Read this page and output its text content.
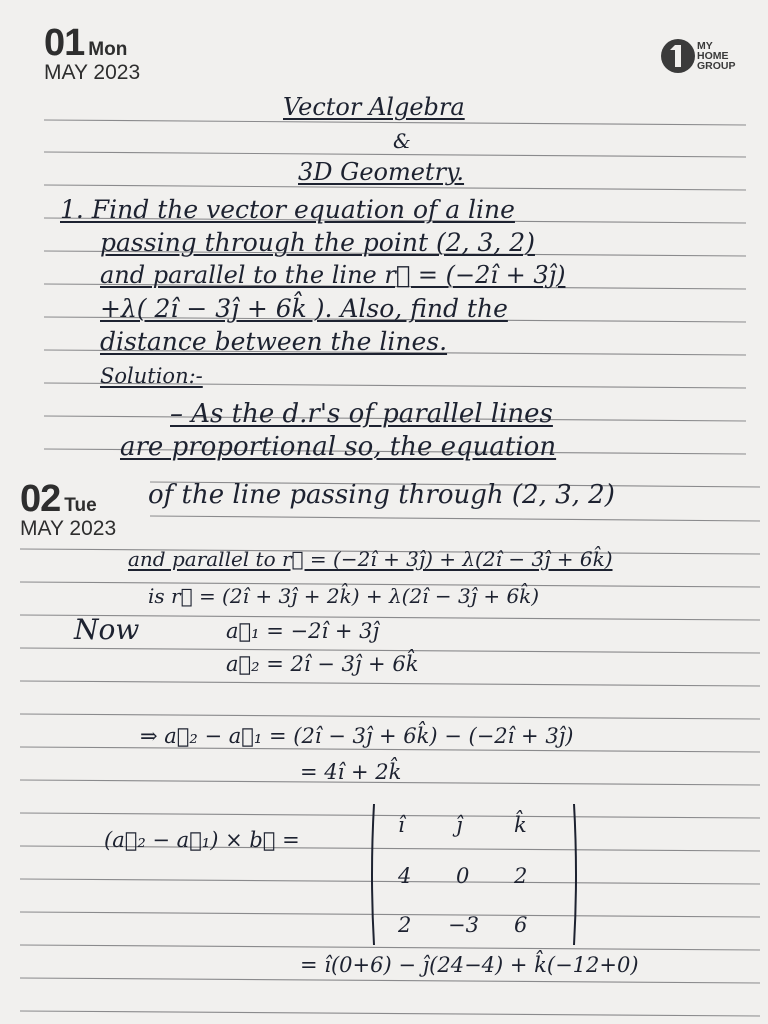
01 Mon
MAY 2023
MY
HOME
GROUP
Vector Algebra
&
3D Geometry.
1. Find the vector equation of a line
passing through the point (2, 3, 2)
and parallel to the line r⃗ = (−2î + 3ĵ)
+λ( 2î − 3ĵ + 6k̂ ). Also, find the
distance between the lines.
Solution:-
– As the d.r's of parallel lines
are proportional so, the equation
02 Tue
MAY 2023
of the line passing through (2, 3, 2)
and parallel to r⃗ = (−2î + 3ĵ) + λ(2î − 3ĵ + 6k̂)
is r⃗ = (2î + 3ĵ + 2k̂) + λ(2î − 3ĵ + 6k̂)
Now	a⃗₁ = −2î + 3ĵ
a⃗₂ = 2î − 3ĵ + 6k̂
⇒ a⃗₂ − a⃗₁ = (2î − 3ĵ + 6k̂) − (−2î + 3ĵ)
= 4î + 2k̂
(a⃗₂ − a⃗₁) × b⃗ =
î ĵ k̂
4 0 2
2 −3 6
= î(0+6) − ĵ(24−4) + k̂(−12+0)
